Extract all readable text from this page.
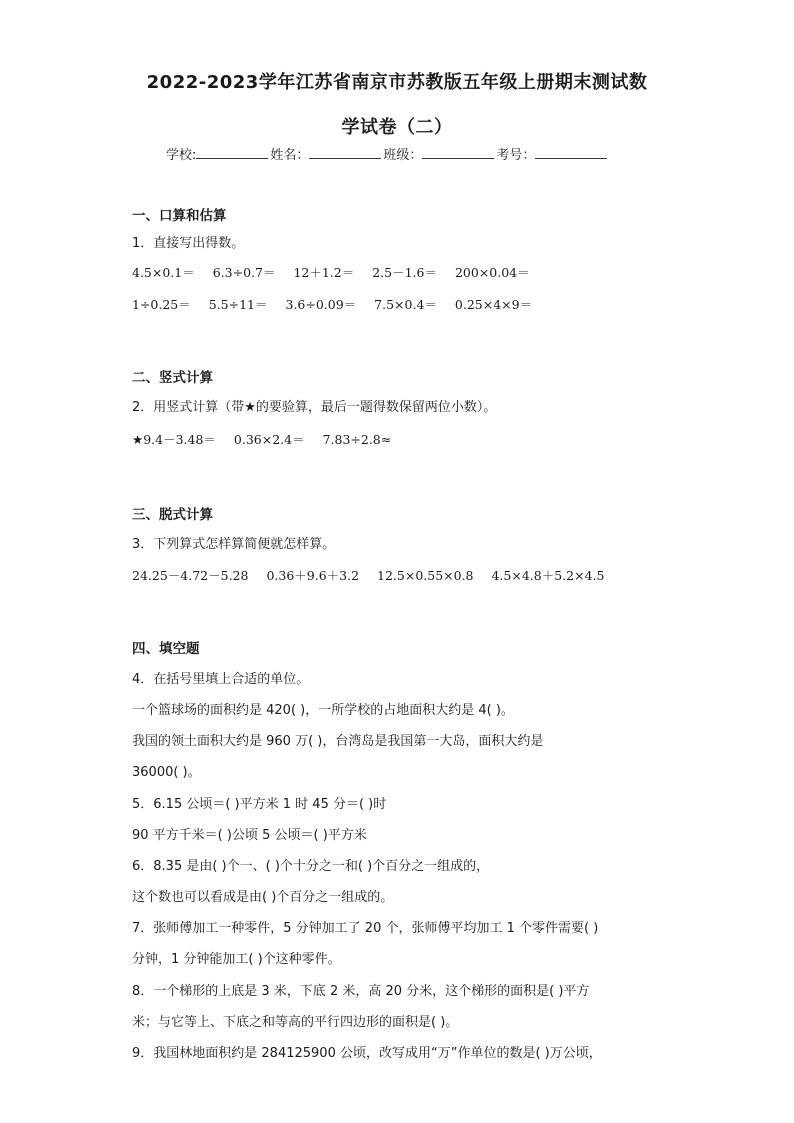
2022-2023学年江苏省南京市苏教版五年级上册期末测试数
学试卷（二）
学校:	姓名：	班级：	考号：
一、口算和估算
1．直接写出得数。
4.5×0.1＝ 6.3÷0.7＝ 12＋1.2＝ 2.5－1.6＝ 200×0.04＝
1÷0.25＝ 5.5÷11＝ 3.6÷0.09＝ 7.5×0.4＝ 0.25×4×9＝
二、竖式计算
2．用竖式计算（带★的要验算，最后一题得数保留两位小数）。
★9.4－3.48＝ 0.36×2.4＝ 7.83÷2.8≈
三、脱式计算
3．下列算式怎样算简便就怎样算。
24.25－4.72－5.28 0.36＋9.6＋3.2 12.5×0.55×0.8 4.5×4.8＋5.2×4.5
四、填空题
4．在括号里填上合适的单位。
一个篮球场的面积约是 420( )，一所学校的占地面积大约是 4( )。
我国的领土面积大约是 960 万( )，台湾岛是我国第一大岛，面积大约是
36000( )。
5．6.15 公顷＝( )平方米 1 时 45 分＝( )时
90 平方千米＝( )公顷 5 公顷＝( )平方米
6．8.35 是由( )个一、( )个十分之一和( )个百分之一组成的，
这个数也可以看成是由( )个百分之一组成的。
7．张师傅加工一种零件，5 分钟加工了 20 个，张师傅平均加工 1 个零件需要( )
分钟，1 分钟能加工( )个这种零件。
8．一个梯形的上底是 3 米，下底 2 米，高 20 分米，这个梯形的面积是( )平方
米；与它等上、下底之和等高的平行四边形的面积是( )。
9．我国林地面积约是 284125900 公顷，改写成用“万”作单位的数是( )万公顷，
